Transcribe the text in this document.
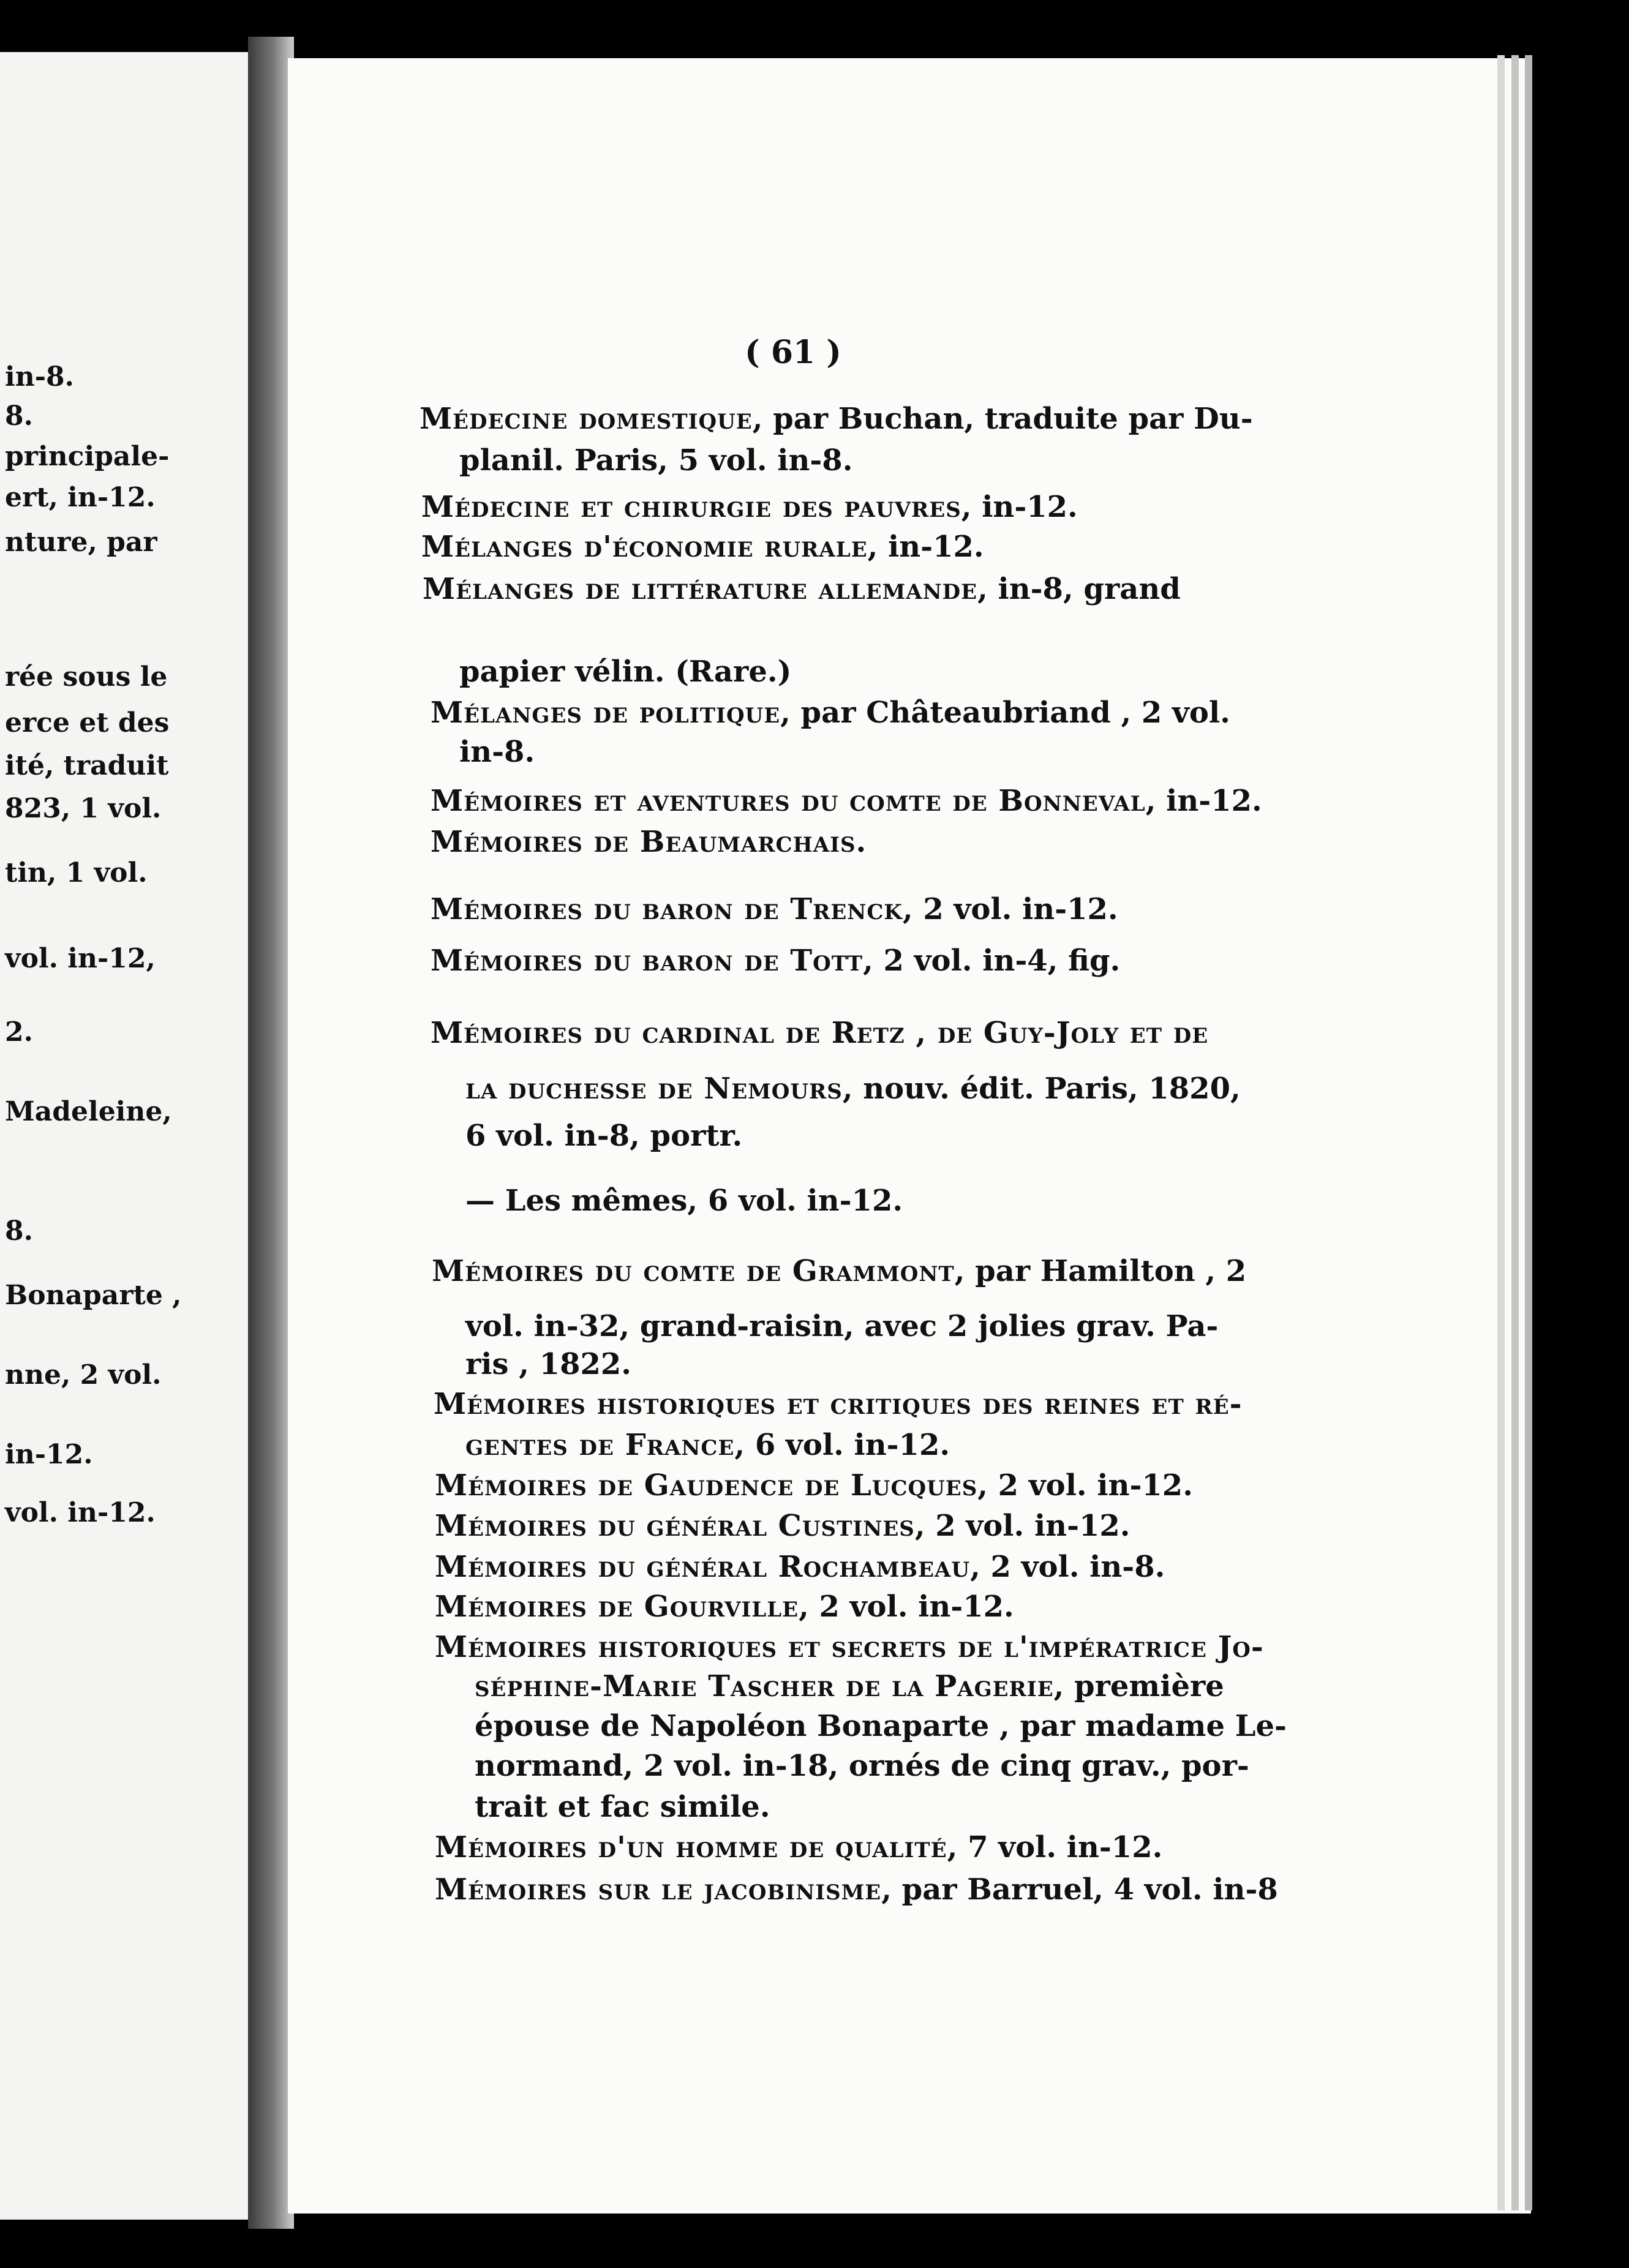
in-8.
8.
principale-
ert, in-12.
nture, par
rée sous le
erce et des
ité, traduit
823, 1 vol.
tin, 1 vol.
vol. in-12,
2.
Madeleine,
8.
Bonaparte ,
nne, 2 vol.
in-12.
vol. in-12.
( 61 )
Médecine domestique, par Buchan, traduite par Du-
planil. Paris, 5 vol. in-8.
Médecine et chirurgie des pauvres, in-12.
Mélanges d'économie rurale, in-12.
Mélanges de littérature allemande, in-8, grand
papier vélin. (Rare.)
Mélanges de politique, par Châteaubriand , 2 vol.
in-8.
Mémoires et aventures du comte de Bonneval, in-12.
Mémoires de Beaumarchais.
Mémoires du baron de Trenck, 2 vol. in-12.
Mémoires du baron de Tott, 2 vol. in-4, fig.
Mémoires du cardinal de Retz , de Guy-Joly et de
la duchesse de Nemours, nouv. édit. Paris, 1820,
6 vol. in-8, portr.
— Les mêmes, 6 vol. in-12.
Mémoires du comte de Grammont, par Hamilton , 2
vol. in-32, grand-raisin, avec 2 jolies grav. Pa-
ris , 1822.
Mémoires historiques et critiques des reines et ré-
gentes de France, 6 vol. in-12.
Mémoires de Gaudence de Lucques, 2 vol. in-12.
Mémoires du général Custines, 2 vol. in-12.
Mémoires du général Rochambeau, 2 vol. in-8.
Mémoires de Gourville, 2 vol. in-12.
Mémoires historiques et secrets de l'impératrice Jo-
séphine-Marie Tascher de la Pagerie, première
épouse de Napoléon Bonaparte , par madame Le-
normand, 2 vol. in-18, ornés de cinq grav., por-
trait et fac simile.
Mémoires d'un homme de qualité, 7 vol. in-12.
Mémoires sur le jacobinisme, par Barruel, 4 vol. in-8
